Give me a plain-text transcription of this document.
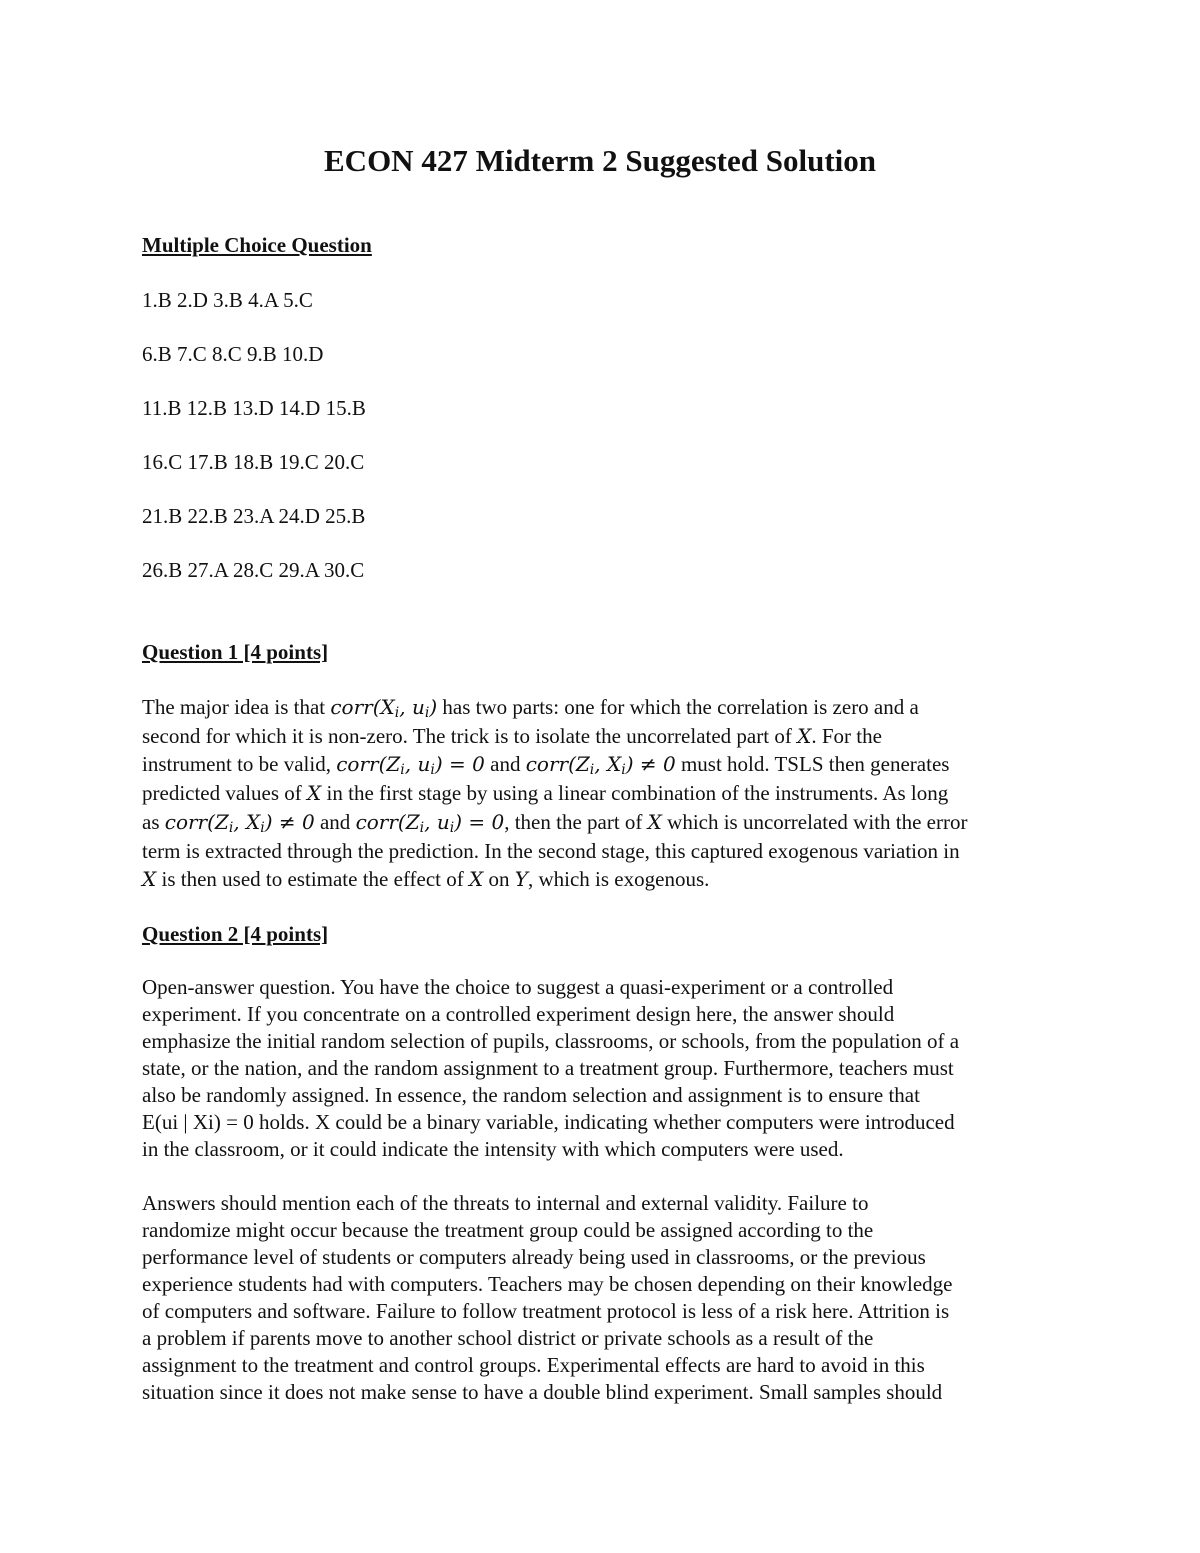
ECON 427 Midterm 2 Suggested Solution
Multiple Choice Question

1.B 2.D 3.B 4.A 5.C

6.B 7.C 8.C 9.B 10.D

11.B 12.B 13.D 14.D 15.B

16.C 17.B 18.B 19.C 20.C

21.B 22.B 23.A 24.D 25.B

26.B 27.A 28.C 29.A 30.C

Question 1 [4 points]
The major idea is that $corr(X_i$, $u_i$) has two parts: one for which the correlation is zero and a
second for which it is non-zero. The trick is to isolate the uncorrelated part of X. For the
instrument to be valid, $corr(Z_i$, $u_i) = 0$ and $corr(Z_i$, $X_i) \ne 0$ must hold. TSLS then generates
predicted values of X in the first stage by using a linear combination of the instruments. As long
as $corr(Z_i$, $X_i) \ne 0$ and $corr(Z_i$, $u_i) = 0$, then the part of X which is uncorrelated with the error
term is extracted through the prediction. In the second stage, this captured exogenous variation in
X is then used to estimate the effect of X on Y, which is exogenous.
Question 2 [4 points]
Open-answer question. You have the choice to suggest a quasi-experiment or a controlled
experiment. If you concentrate on a controlled experiment design here, the answer should
emphasize the initial random selection of pupils, classrooms, or schools, from the population of a
state, or the nation, and the random assignment to a treatment group. Furthermore, teachers must
also be randomly assigned. In essence, the random selection and assignment is to ensure that
E(ui | Xi) = 0 holds. X could be a binary variable, indicating whether computers were introduced
in the classroom, or it could indicate the intensity with which computers were used.
Answers should mention each of the threats to internal and external validity. Failure to
randomize might occur because the treatment group could be assigned according to the
performance level of students or computers already being used in classrooms, or the previous
experience students had with computers. Teachers may be chosen depending on their knowledge
of computers and software. Failure to follow treatment protocol is less of a risk here. Attrition is
a problem if parents move to another school district or private schools as a result of the
assignment to the treatment and control groups. Experimental effects are hard to avoid in this
situation since it does not make sense to have a double blind experiment. Small samples should
